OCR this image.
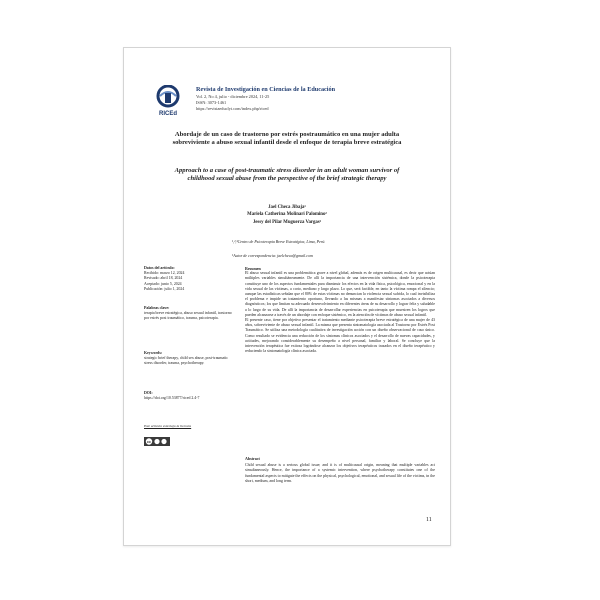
RICEd
Revista de Investigación en Ciencias de la Educación
Vol. 2, No 4, julio - diciembre 2024, 11-25
ISSN: 3073-1461
https://revistaeduclyt.com/index.php/riced
Abordaje de un caso de trastorno por estrés postraumático en una mujer adulta sobreviviente a abuso sexual infantil desde el enfoque de terapia breve estratégica
Approach to a case of post-traumatic stress disorder in an adult woman survivor of childhood sexual abuse from the perspective of the brief strategic therapy
Jael Checa Jibaja¹
Mariela Catherina Molinari Palomino²
Jessy del Pilar Muguerza Vargas³
¹,²,³Centro de Psicoterapia Breve Estratégica, Lima, Perú.
¹Autor de correspondencia: jaelcheca@gmail.com
Datos del artículo:
Recibido: marzo 12, 2024
Revisado: abril 18, 2024
Aceptado: junio 5, 2024
Publicación: julio 1, 2024
Palabras clave:
terapia breve estratégica, abuso sexual infantil, trastorno por estrés post traumático, trauma, psicoterapia.
Keywords:
strategic brief therapy, child sex abuse, post-traumatic stress disorder, trauma, psychotherapy.
DOI:
https://doi.org/10.53877/riced 2.4-7
Este artículo está bajo la licencia
cc
Resumen

El abuso sexual infantil es una problemática grave a nivel global, además es de origen multicausal, es decir que actúan múltiples variables simultáneamente. De allí la importancia de una intervención sistémica, donde la psicoterapia constituye uno de los aspectos fundamentales para disminuir los efectos en la vida física, psicológica, emocional y en la vida sexual de las víctimas, a corto, mediano y largo plazo. Lo que, será factible, en tanto la víctima rompa el silencio; aunque las estadísticas señalan que el 80% de estas víctimas no denuncian la violencia sexual sufrida, lo cual invisibiliza el problema e impide un tratamiento oportuno, llevando a las mismas a manifestar síntomas asociados a diversos diagnósticos; los que limitan su adecuado desenvolvimiento en diferentes áreas de su desarrollo y lograr feliz y saludable a lo largo de su vida. De allí la importancia de desarrollar experiencias en psicoterapia que muestren los logros que pueden alcanzarse a través de un abordaje con enfoque sistémico, en la atención de víctimas de abuso sexual infantil.

El presente caso, tiene por objetivo presentar el tratamiento mediante psicoterapia breve estratégica de una mujer de 43 años, sobreviviente de abuso sexual infantil. La misma que presenta sintomatología asociada al Trastorno por Estrés Post Traumático. Se utiliza una metodología cualitativa de investigación acción con un diseño observacional de caso único. Como resultado se evidencia una reducción de los síntomas clínicos asociados y el desarrollo de nuevas capacidades, y actitudes, mejorando considerablemente su desempeño a nivel personal, familiar y laboral. Se concluye que la intervención terapéutica fue exitosa lográndose alcanzar los objetivos terapéuticos trazados en el diseño terapéutico y reduciendo la sintomatología clínica asociada.

Abstract

Child sexual abuse is a serious global issue; and it is of multicausal origin, meaning that multiple variables act simultaneously. Hence, the importance of a systemic intervention, where psychotherapy constitutes one of the fundamental aspects to mitigate the effects on the physical, psychological, emotional, and sexual life of the victims, in the short, medium, and long term.

11
